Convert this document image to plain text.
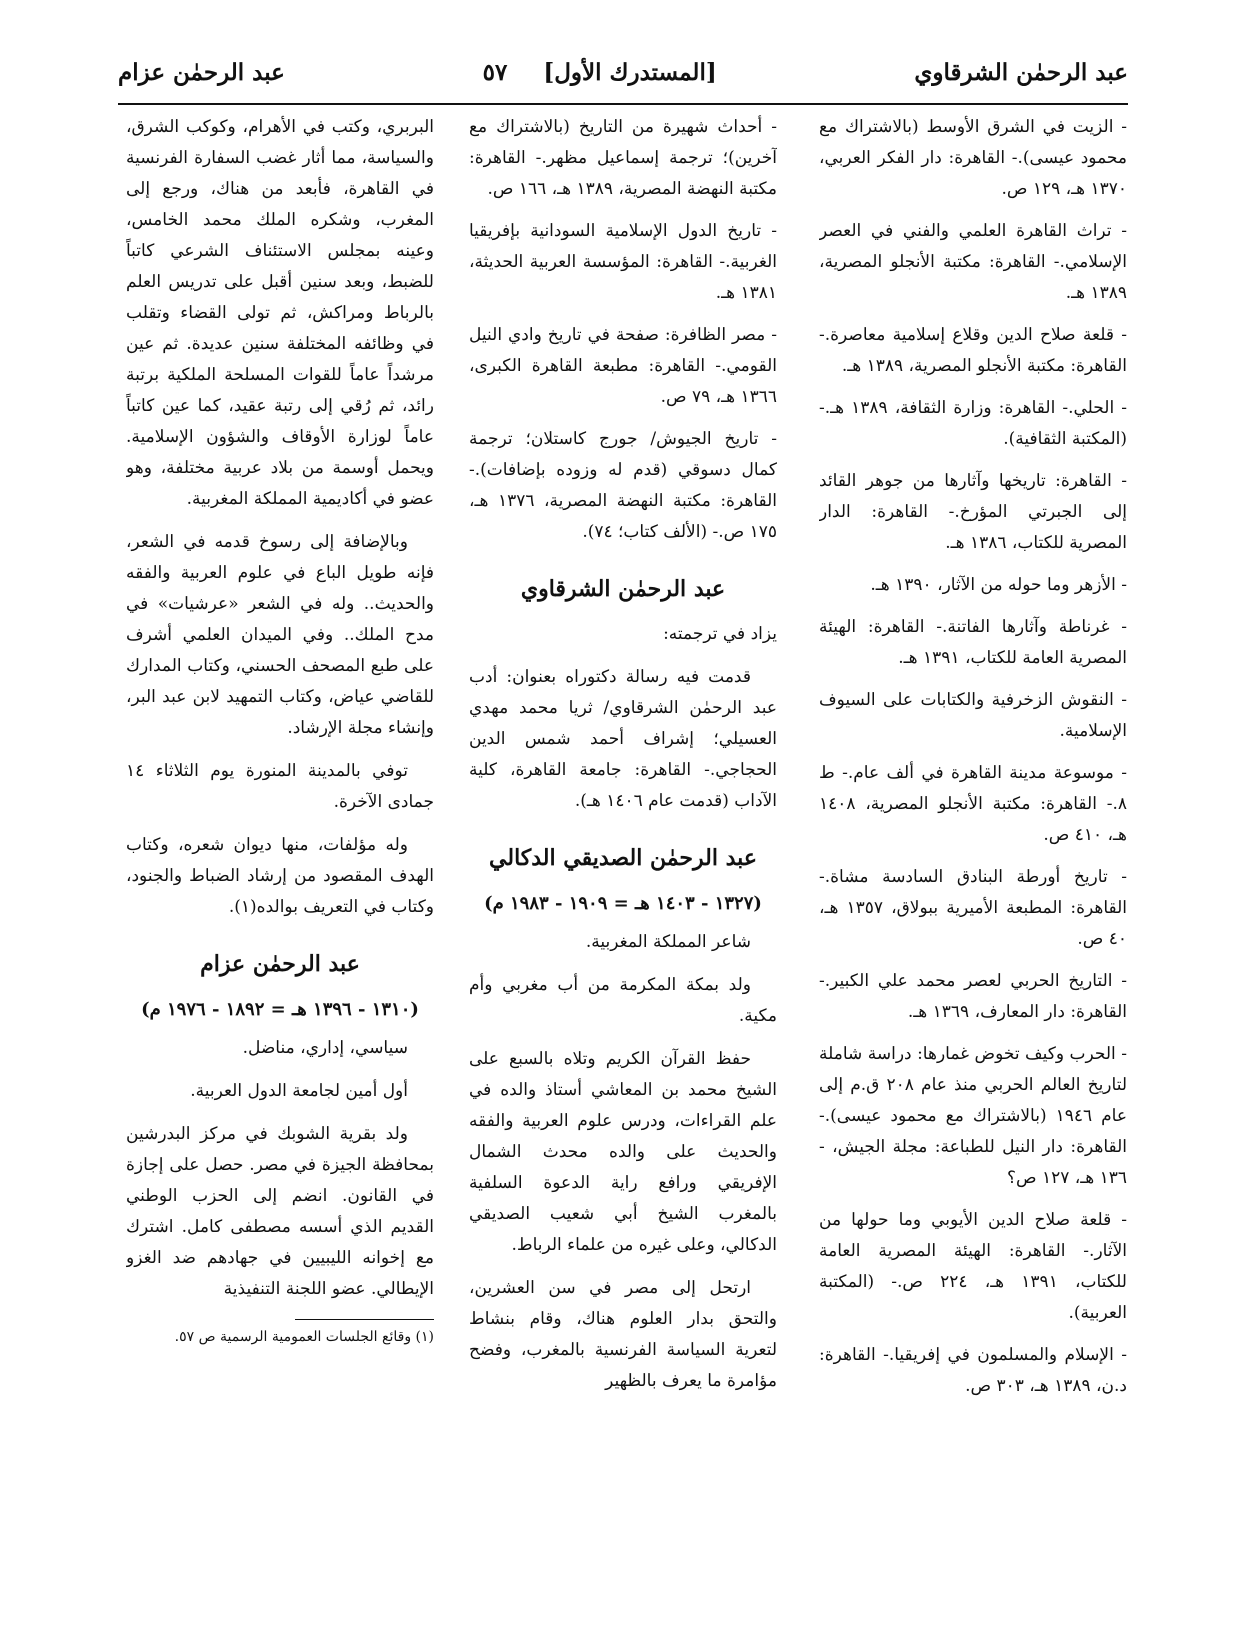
عبد الرحمٰن الشرقاوي
[المستدرك الأول]
٥٧
عبد الرحمٰن عزام
- الزيت في الشرق الأوسط (بالاشتراك مع محمود عيسى).- القاهرة: دار الفكر العربي، ١٣٧٠ هـ، ١٢٩ ص.
- تراث القاهرة العلمي والفني في العصر الإسلامي.- القاهرة: مكتبة الأنجلو المصرية، ١٣٨٩ هـ.
- قلعة صلاح الدين وقلاع إسلامية معاصرة.- القاهرة: مكتبة الأنجلو المصرية، ١٣٨٩ هـ.
- الحلي.- القاهرة: وزارة الثقافة، ١٣٨٩ هـ.- (المكتبة الثقافية).
- القاهرة: تاريخها وآثارها من جوهر القائد إلى الجبرتي المؤرخ.- القاهرة: الدار المصرية للكتاب، ١٣٨٦ هـ.
- الأزهر وما حوله من الآثار، ١٣٩٠ هـ.
- غرناطة وآثارها الفاتنة.- القاهرة: الهيئة المصرية العامة للكتاب، ١٣٩١ هـ.
- النقوش الزخرفية والكتابات على السيوف الإسلامية.
- موسوعة مدينة القاهرة في ألف عام.- ط ٨.- القاهرة: مكتبة الأنجلو المصرية، ١٤٠٨ هـ، ٤١٠ ص.
- تاريخ أورطة البنادق السادسة مشاة.- القاهرة: المطبعة الأميرية ببولاق، ١٣٥٧ هـ، ٤٠ ص.
- التاريخ الحربي لعصر محمد علي الكبير.- القاهرة: دار المعارف، ١٣٦٩ هـ.
- الحرب وكيف تخوض غمارها: دراسة شاملة لتاريخ العالم الحربي منذ عام ٢٠٨ ق.م إلى عام ١٩٤٦ (بالاشتراك مع محمود عيسى).- القاهرة: دار النيل للطباعة: مجلة الجيش، - ١٣٦ هـ، ١٢٧ ص؟
- قلعة صلاح الدين الأيوبي وما حولها من الآثار.- القاهرة: الهيئة المصرية العامة للكتاب، ١٣٩١ هـ، ٢٢٤ ص.- (المكتبة العربية).
- الإسلام والمسلمون في إفريقيا.- القاهرة: د.ن، ١٣٨٩ هـ، ٣٠٣ ص.
- أحداث شهيرة من التاريخ (بالاشتراك مع آخرين)؛ ترجمة إسماعيل مظهر.- القاهرة: مكتبة النهضة المصرية، ١٣٨٩ هـ، ١٦٦ ص.
- تاريخ الدول الإسلامية السودانية بإفريقيا الغربية.- القاهرة: المؤسسة العربية الحديثة، ١٣٨١ هـ.
- مصر الظافرة: صفحة في تاريخ وادي النيل القومي.- القاهرة: مطبعة القاهرة الكبرى، ١٣٦٦ هـ، ٧٩ ص.
- تاريخ الجيوش/ جورج كاستلان؛ ترجمة كمال دسوقي (قدم له وزوده بإضافات).- القاهرة: مكتبة النهضة المصرية، ١٣٧٦ هـ، ١٧٥ ص.- (الألف كتاب؛ ٧٤).
عبد الرحمٰن الشرقاوي

يزاد في ترجمته:

قدمت فيه رسالة دكتوراه بعنوان: أدب عبد الرحمٰن الشرقاوي/ ثريا محمد مهدي العسيلي؛ إشراف أحمد شمس الدين الحجاجي.- القاهرة: جامعة القاهرة، كلية الآداب (قدمت عام ١٤٠٦ هـ).

عبد الرحمٰن الصديقي الدكالي
(١٣٢٧ - ١٤٠٣ هـ = ١٩٠٩ - ١٩٨٣ م)

شاعر المملكة المغربية.

ولد بمكة المكرمة من أب مغربي وأم مكية.

حفظ القرآن الكريم وتلاه بالسبع على الشيخ محمد بن المعاشي أستاذ والده في علم القراءات، ودرس علوم العربية والفقه والحديث على والده محدث الشمال الإفريقي ورافع راية الدعوة السلفية بالمغرب الشيخ أبي شعيب الصديقي الدكالي، وعلى غيره من علماء الرباط.

ارتحل إلى مصر في سن العشرين، والتحق بدار العلوم هناك، وقام بنشاط لتعرية السياسة الفرنسية بالمغرب، وفضح مؤامرة ما يعرف بالظهير

البربري، وكتب في الأهرام، وكوكب الشرق، والسياسة، مما أثار غضب السفارة الفرنسية في القاهرة، فأبعد من هناك، ورجع إلى المغرب، وشكره الملك محمد الخامس، وعينه بمجلس الاستئناف الشرعي كاتباً للضبط، وبعد سنين أقبل على تدريس العلم بالرباط ومراكش، ثم تولى القضاء وتقلب في وظائفه المختلفة سنين عديدة. ثم عين مرشداً عاماً للقوات المسلحة الملكية برتبة رائد، ثم رُقي إلى رتبة عقيد، كما عين كاتباً عاماً لوزارة الأوقاف والشؤون الإسلامية. ويحمل أوسمة من بلاد عربية مختلفة، وهو عضو في أكاديمية المملكة المغربية.

وبالإضافة إلى رسوخ قدمه في الشعر، فإنه طويل الباع في علوم العربية والفقه والحديث.. وله في الشعر «عرشيات» في مدح الملك.. وفي الميدان العلمي أشرف على طبع المصحف الحسني، وكتاب المدارك للقاضي عياض، وكتاب التمهيد لابن عبد البر، وإنشاء مجلة الإرشاد.

توفي بالمدينة المنورة يوم الثلاثاء ١٤ جمادى الآخرة.

وله مؤلفات، منها ديوان شعره، وكتاب الهدف المقصود من إرشاد الضباط والجنود، وكتاب في التعريف بوالده(١).

عبد الرحمٰن عزام
(١٣١٠ - ١٣٩٦ هـ = ١٨٩٢ - ١٩٧٦ م)

سياسي، إداري، مناضل.

أول أمين لجامعة الدول العربية.

ولد بقرية الشوبك في مركز البدرشين بمحافظة الجيزة في مصر. حصل على إجازة في القانون. انضم إلى الحزب الوطني القديم الذي أسسه مصطفى كامل. اشترك مع إخوانه الليبيين في جهادهم ضد الغزو الإيطالي. عضو اللجنة التنفيذية

(١) وقائع الجلسات العمومية الرسمية ص ٥٧.
